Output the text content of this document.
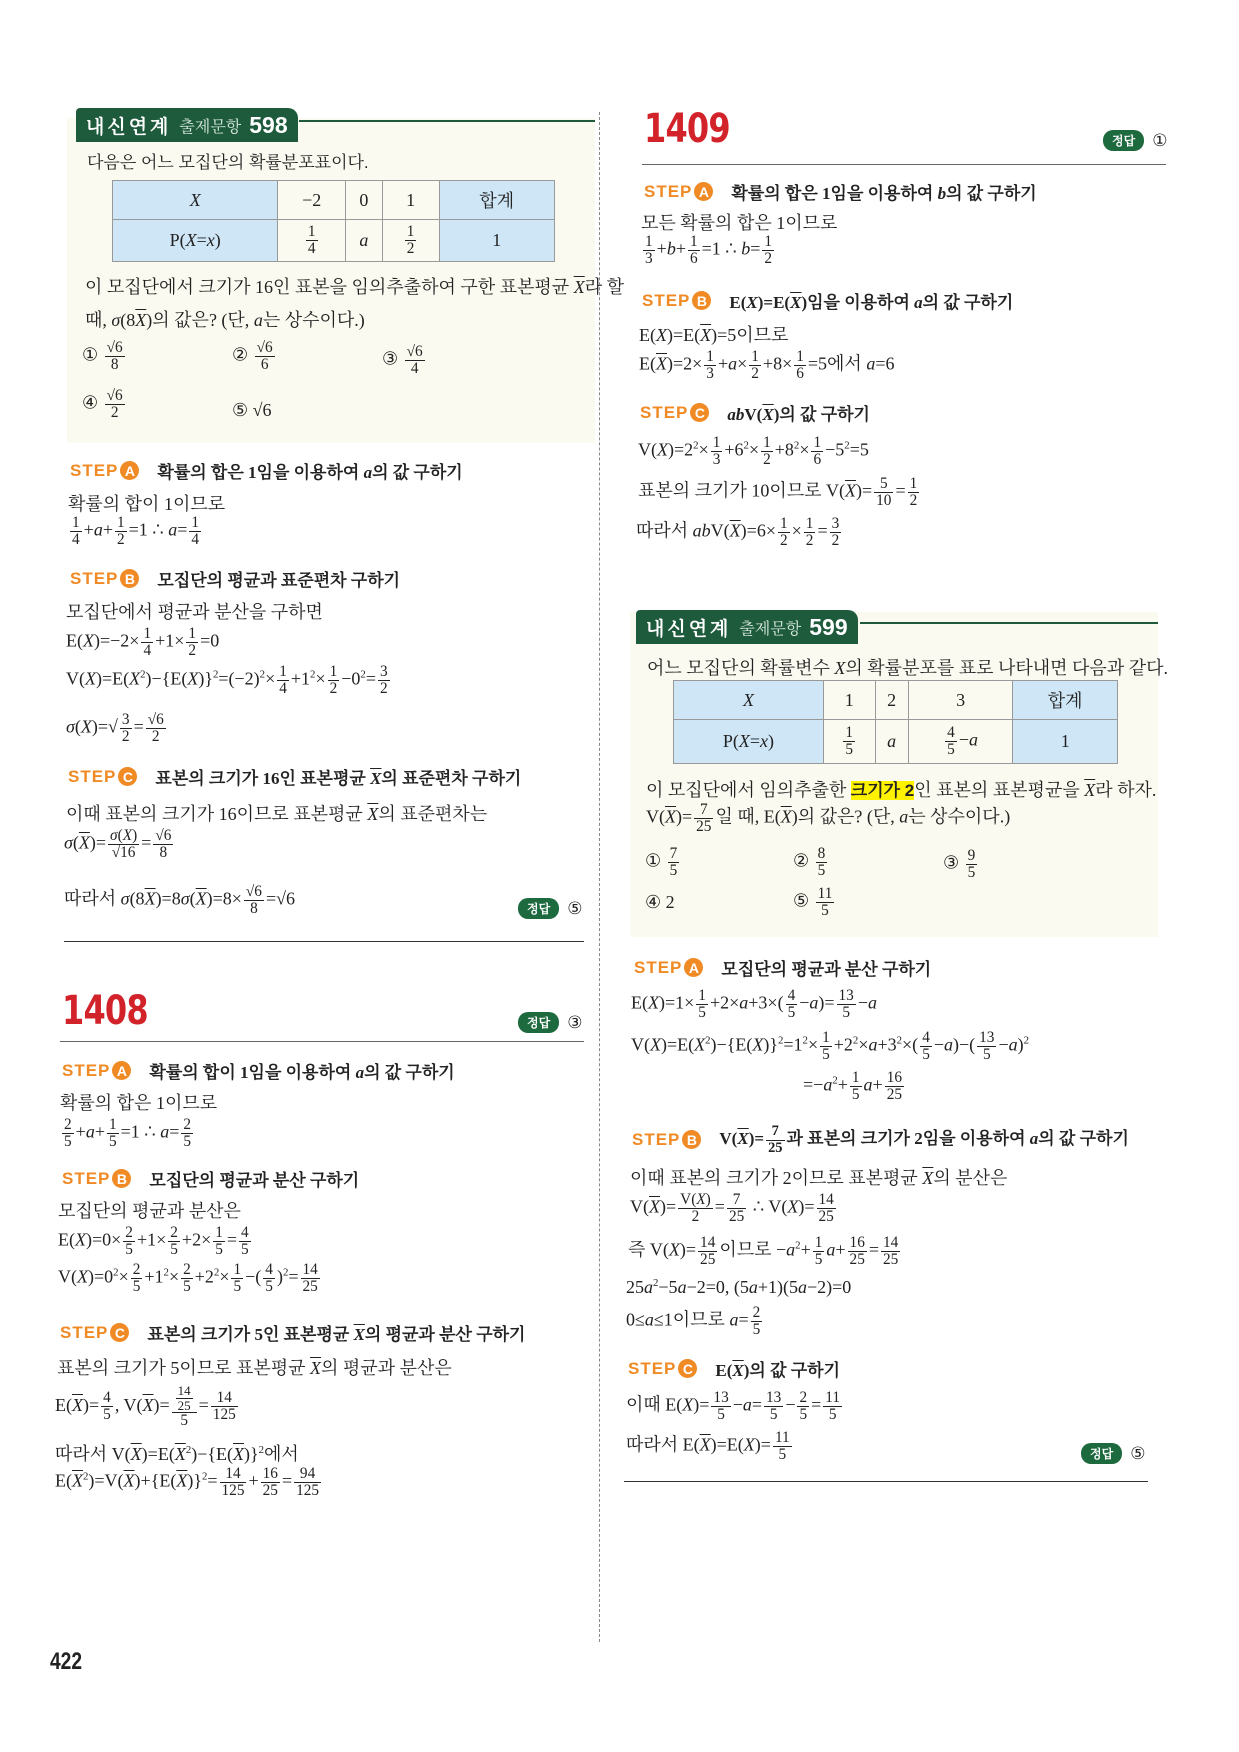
내신연계 출제문항 598
다음은 어느 모집단의 확률분포표이다.
X	−2	0	1	합계
P(X=x)	$\frac{1}{4}$	a	$\frac{1}{2}$	1
이 모집단에서 크기가 16인 표본을 임의추출하여 구한 표본평균 $\overline{X}$라 할
때, $\sigma(8\overline{X})$의 값은? (단, a는 상수이다.)
① $\frac{√6}{8}$	② $\frac{√6}{6}$	③ $\frac{√6}{4}$
④ $\frac{√6}{2}$	⑤ √6
STEP A 확률의 합은 1임을 이용하여 a의 값 구하기
확률의 합이 1이므로
$\frac{1}{4} +a+ \frac{1}{2} =1$ ∴ $a= \frac{1}{4}$
STEP B 모집단의 평균과 표준편차 구하기
모집단에서 평균과 분산을 구하면
$E(X)=-2\times \frac{1}{4} +1\times \frac{1}{2} =0$
$V(X)=E(X^2)-\{E(X)\}^2=(-2)^2\times \frac{1}{4} +1^2\times \frac{1}{2} -0^2= \frac{3}{2}$
$\sigma(X)=√ \frac{3}{2} = \frac{√6}{2}$
STEP C 표본의 크기가 16인 표본평균 $\overline{X}$의 표준편차 구하기
이때 표본의 크기가 16이므로 표본평균 $\overline{X}$의 표준편차는
$\sigma(\overline{X})= \frac{\sigma(X)}{√16} = \frac{√6}{8}$
따라서 $\sigma(8\overline{X})=8\sigma(\overline{X})=8\times \frac{√6}{8} =√6$
정답	⑤
1408	정답	③
STEP A 확률의 합이 1임을 이용하여 a의 값 구하기
확률의 합은 1이므로
$\frac{2}{5} +a+ \frac{1}{5} =1$ ∴ $a= \frac{2}{5}$
STEP B 모집단의 평균과 분산 구하기
모집단의 평균과 분산은
$E(X)=0\times \frac{2}{5} +1\times \frac{2}{5} +2\times \frac{1}{5} = \frac{4}{5}$
$V(X)=0^2\times \frac{2}{5} +1^2\times \frac{2}{5} +2^2\times \frac{1}{5}$ −( $\frac{4}{5} )^2= \frac{14}{25}$
STEP C 표본의 크기가 5인 표본평균 $\overline{X}$의 평균과 분산 구하기
표본의 크기가 5이므로 표본평균 $\overline{X}$의 평균과 분산은
$E(\overline{X})= \frac{4}{5}$ , $V(\overline{X})= \frac{\frac{14}{25}}{5} = \frac{14}{125}$
따라서 $V(\overline{X})=E(\overline{X}^2)-\{E(\overline{X})\}^2$에서
$E(\overline{X}^2)=V(\overline{X})+\{E(\overline{X})\}^2= \frac{14}{125} + \frac{16}{25} = \frac{94}{125}$
422
1409	정답	①
STEP A 확률의 합은 1임을 이용하여 b의 값 구하기
모든 확률의 합은 1이므로
$\frac{1}{3} +b+ \frac{1}{6} =1$ ∴ $b= \frac{1}{2}$
STEP B $E(X)=E(\overline{X})$임을 이용하여 a의 값 구하기
$E(X)=E(\overline{X})=5$이므로
$E(\overline{X})=2\times \frac{1}{3} +a\times \frac{1}{2} +8\times \frac{1}{6} =5$에서 a=6
STEP C $abV(\overline{X})$의 값 구하기
$V(X)=2^2\times \frac{1}{3} +6^2\times \frac{1}{2} +8^2\times \frac{1}{6} -5^2=5$
표본의 크기가 10이므로 $V(\overline{X})= \frac{5}{10} = \frac{1}{2}$
따라서 $abV(\overline{X})=6\times \frac{1}{2} \times \frac{1}{2} = \frac{3}{2}$
내신연계 출제문항 599
어느 모집단의 확률변수 X의 확률분포를 표로 나타내면 다음과 같다.
X	1	2	3	합계
P(X=x)	$\frac{1}{5}$	a	$\frac{4}{5} -a$	1
이 모집단에서 임의추출한 크기가 2인 표본의 표본평균을 $\overline{X}$라 하자.
$V(\overline{X})= \frac{7}{25}$ 일 때, $E(\overline{X})$의 값은? (단, a는 상수이다.)
① $\frac{7}{5}$	② $\frac{8}{5}$	③ $\frac{9}{5}$
④ 2	⑤ $\frac{11}{5}$
STEP A 모집단의 평균과 분산 구하기
$E(X)=1\times \frac{1}{5} +2\times a+3\times( \frac{4}{5} -a)= \frac{13}{5} -a$
$V(X)=E(X^2)-\{E(X)\}^2=1^2\times \frac{1}{5} +2^2\times a+3^2\times( \frac{4}{5} -a)-( \frac{13}{5} -a)^2$
$=-a^2+ \frac{1}{5} a+ \frac{16}{25}$
STEP B $V(\overline{X})= \frac{7}{25}$ 과 표본의 크기가 2임을 이용하여 a의 값 구하기
이때 표본의 크기가 2이므로 표본평균 $\overline{X}$의 분산은
$V(\overline{X})= \frac{V(X)}{2} = \frac{7}{25}$ ∴ $V(X)= \frac{14}{25}$
즉 $V(X)= \frac{14}{25}$ 이므로 $-a^2+ \frac{1}{5} a+ \frac{16}{25} = \frac{14}{25}$
$25a^2-5a-2=0$, (5a+1)(5a−2)=0
0≤a≤1이므로 $a= \frac{2}{5}$
STEP C $E(\overline{X})$의 값 구하기
이때 $E(X)= \frac{13}{5} -a= \frac{13}{5} - \frac{2}{5} = \frac{11}{5}$
따라서 $E(\overline{X})=E(X)= \frac{11}{5}$	정답	⑤
